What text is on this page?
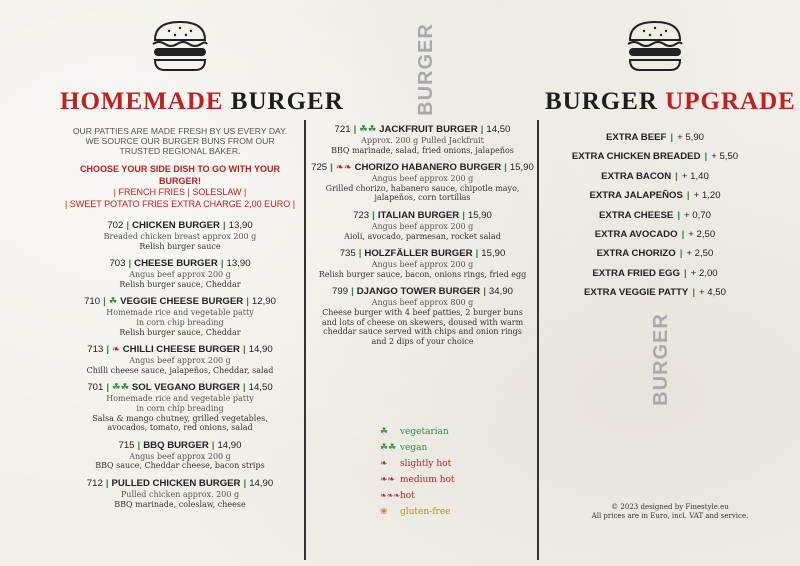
HOMEMADE BURGER
OUR PATTIES ARE MADE FRESH BY US EVERY DAY. WE SOURCE OUR BURGER BUNS FROM OUR TRUSTED REGIONAL BAKER.
CHOOSE YOUR SIDE DISH TO GO WITH YOUR BURGER!
| FRENCH FRIES | SOLESLAW |
| SWEET POTATO FRIES EXTRA CHARGE 2,00 EURO |
702 | CHICKEN BURGER | 13,90
Breaded chicken breast approx 200 g
Relish burger sauce
703 | CHEESE BURGER | 13,90
Angus beef approx 200 g
Relish burger sauce, Cheddar
710 | ☘ VEGGIE CHEESE BURGER | 12,90
Homemade rice and vegetable patty
in corn chip breading
Relish burger sauce, Cheddar
713 | ❧ CHILLI CHEESE BURGER | 14,90
Angus beef approx 200 g
Chilli cheese sauce, jalapeños, Cheddar, salad
701 | ☘☘ SOL VEGANO BURGER | 14,50
Homemade rice and vegetable patty
in corn chip breading
Salsa & mango chutney, grilled vegetables,
avocados, tomato, red onions, salad
715 | BBQ BURGER | 14,90
Angus beef approx 200 g
BBQ sauce, Cheddar cheese, bacon strips
712 | PULLED CHICKEN BURGER | 14,90
Pulled chicken approx. 200 g
BBQ marinade, coleslaw, cheese
BURGER
721 | ☘☘ JACKFRUIT BURGER | 14,50
Approx. 200 g Pulled Jackfruit
BBQ marinade, salad, fried onions, jalapeños
725 | ❧❧ CHORIZO HABANERO BURGER | 15,90
Angus beef approx 200 g
Grilled chorizo, habanero sauce, chipotle mayo,
jalapeños, corn tortillas
723 | ITALIAN BURGER | 15,90
Angus beef approx 200 g
Aioli, avocado, parmesan, rocket salad
735 | HOLZFÄLLER BURGER | 15,90
Angus beef approx 200 g
Relish burger sauce, bacon, onions rings, fried egg
799 | DJANGO TOWER BURGER | 34,90
Angus beef approx 800 g
Cheese burger with 4 beef patties, 2 burger buns
and lots of cheese on skewers, doused with warm
cheddar sauce served with chips and onion rings
and 2 dips of your choice
☘	vegetarian
☘☘ vegan
❧	slightly hot
❧❧ medium hot
❧❧❧ hot
❀	gluten-free
BURGER UPGRADE
EXTRA BEEF | + 5,90
EXTRA CHICKEN BREADED | + 5,50
EXTRA BACON | + 1,40
EXTRA JALAPEÑOS | + 1,20
EXTRA CHEESE | + 0,70
EXTRA AVOCADO | + 2,50
EXTRA CHORIZO | + 2,50
EXTRA FRIED EGG | + 2,00
EXTRA VEGGIE PATTY | + 4,50
BURGER
© 2023 designed by Finestyle.eu
All prices are in Euro, incl. VAT and service.
